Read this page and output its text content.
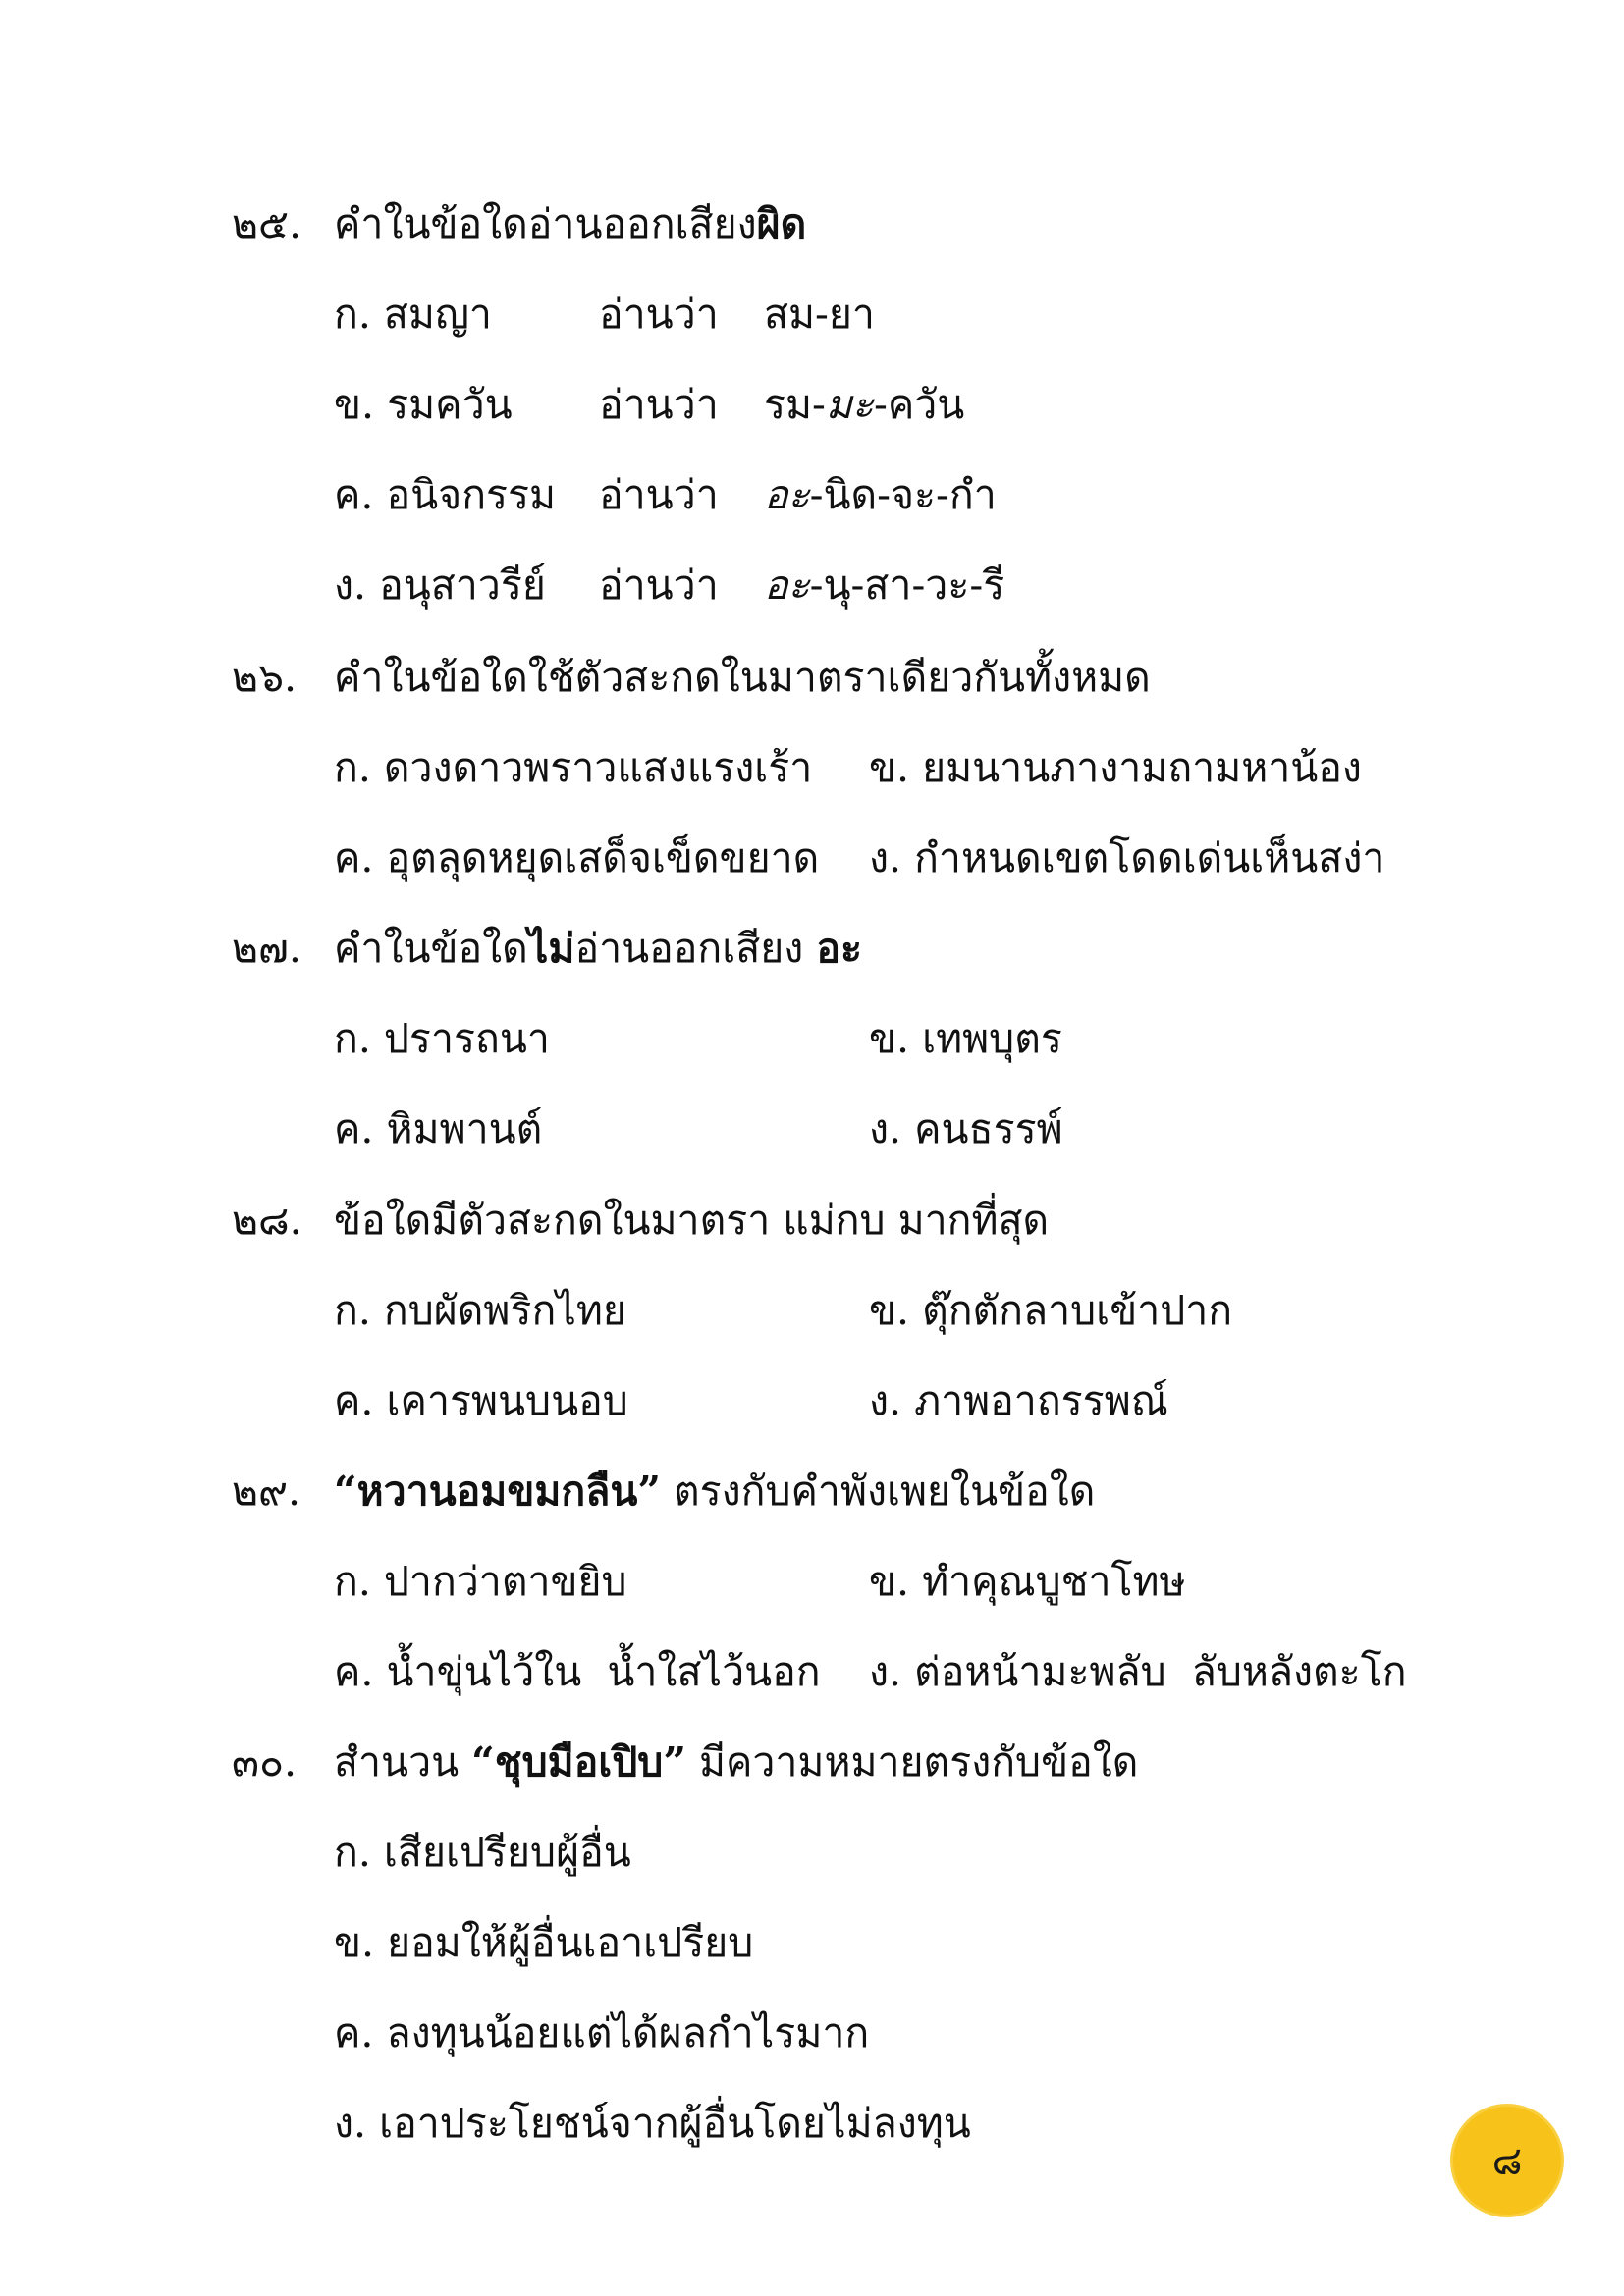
๒๕. คำในข้อใดอ่านออกเสียงผิด
ก. สมญา	อ่านว่า สม-ยา
ข. รมควัน อ่านว่า รม-มะ-ควัน
ค. อนิจกรรม อ่านว่า อะ-นิด-จะ-กำ
ง. อนุสาวรีย์ อ่านว่า อะ-นุ-สา-วะ-รี
๒๖. คำในข้อใดใช้ตัวสะกดในมาตราเดียวกันทั้งหมด
ก. ดวงดาวพราวแสงแรงเร้า ข. ยมนานภางามถามหาน้อง
ค. อุตลุดหยุดเสด็จเข็ดขยาด ง. กำหนดเขตโดดเด่นเห็นสง่า
๒๗. คำในข้อใดไม่อ่านออกเสียง อะ
ก. ปรารถนา	ข. เทพบุตร
ค. หิมพานต์	ง. คนธรรพ์
๒๘. ข้อใดมีตัวสะกดในมาตรา แม่กบ มากที่สุด
ก. กบผัดพริกไทย	ข. ตุ๊กตักลาบเข้าปาก
ค. เคารพนบนอบ	ง. ภาพอาถรรพณ์
๒๙. “หวานอมขมกลืน” ตรงกับคำพังเพยในข้อใด
ก. ปากว่าตาขยิบ	ข. ทำคุณบูชาโทษ
ค. น้ำขุ่นไว้ใน  น้ำใสไว้นอก ง. ต่อหน้ามะพลับ  ลับหลังตะโก
๓๐. สำนวน “ชุบมือเปิบ” มีความหมายตรงกับข้อใด
ก. เสียเปรียบผู้อื่น
ข. ยอมให้ผู้อื่นเอาเปรียบ
ค. ลงทุนน้อยแต่ได้ผลกำไรมาก
ง. เอาประโยชน์จากผู้อื่นโดยไม่ลงทุน
๘
